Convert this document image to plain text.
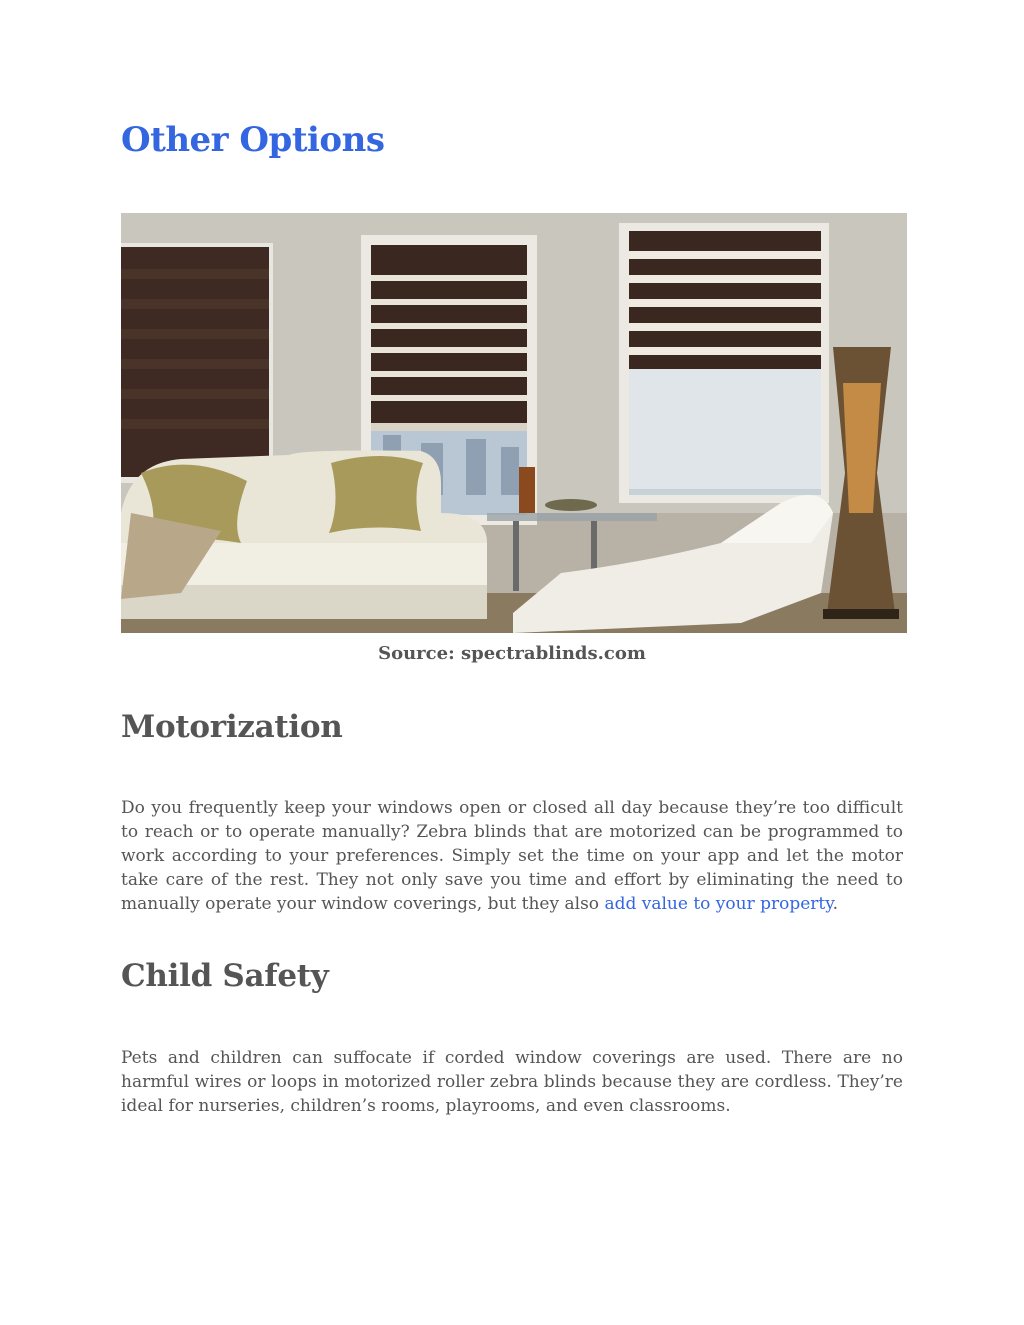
Other Options
Source: spectrablinds.com
Motorization

Do you frequently keep your windows open or closed all day because they’re too difficult to reach or to operate manually? Zebra blinds that are motorized can be programmed to work according to your preferences. Simply set the time on your app and let the motor take care of the rest. They not only save you time and effort by eliminating the need to manually operate your window coverings, but they also add value to your property.

Child Safety

Pets and children can suffocate if corded window coverings are used. There are no harmful wires or loops in motorized roller zebra blinds because they are cordless. They’re ideal for nurseries, children’s rooms, playrooms, and even classrooms.
